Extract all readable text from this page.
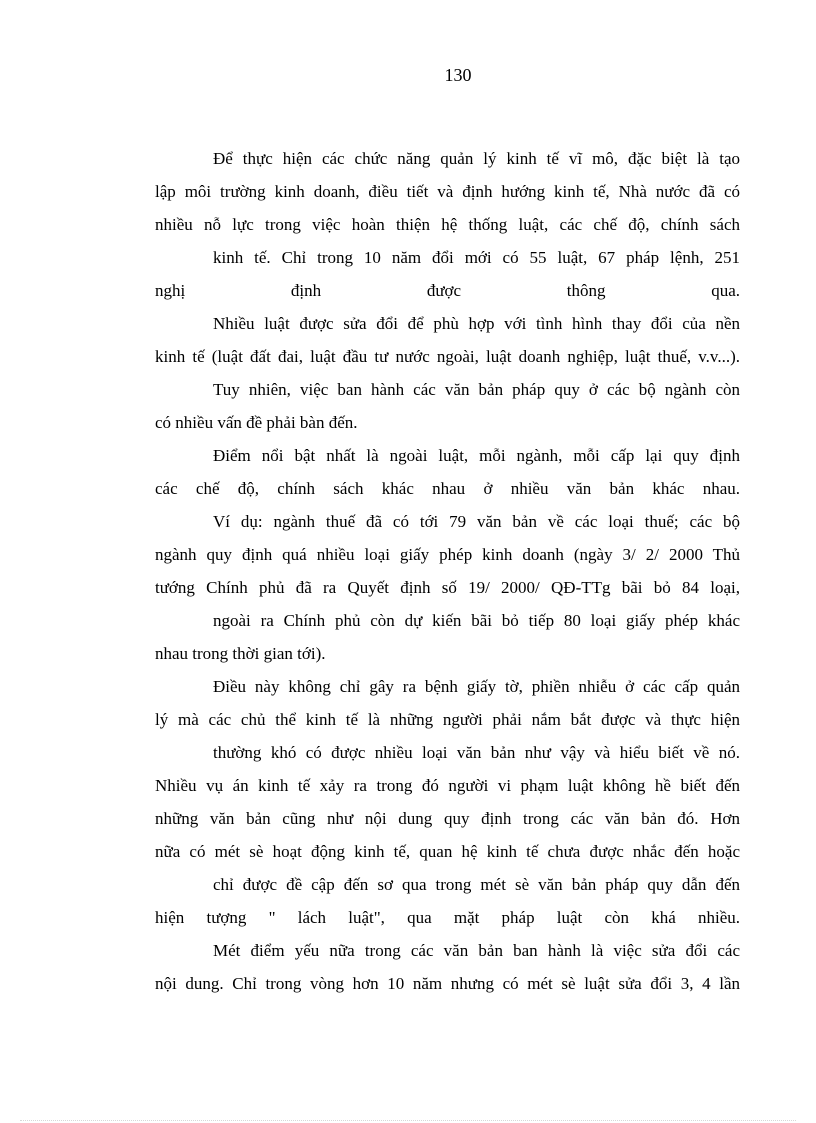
130
Để thực hiện các chức năng quản lý kinh tế vĩ mô, đặc biệt là tạo
lập môi trường kinh doanh, điều tiết và định hướng kinh tế, Nhà nước đã có
nhiều nỗ lực trong việc hoàn thiện hệ thống luật, các chế độ, chính sách
kinh tế. Chỉ trong 10 năm đổi mới có 55 luật, 67 pháp lệnh, 251
nghị định được thông qua.
Nhiều luật được sửa đổi để phù hợp với tình hình thay đổi của nền
kinh tế (luật đất đai, luật đầu tư nước ngoài, luật doanh nghiệp, luật thuế, v.v...).
Tuy nhiên, việc ban hành các văn bản pháp quy ở các bộ ngành còn
có nhiều vấn đề phải bàn đến.
Điểm nổi bật nhất là ngoài luật, mỗi ngành, mỗi cấp lại quy định
các chế độ, chính sách khác nhau ở nhiều văn bản khác nhau.
Ví dụ: ngành thuế đã có tới 79 văn bản về các loại thuế; các bộ
ngành quy định quá nhiều loại giấy phép kinh doanh (ngày 3/ 2/ 2000 Thủ
tướng Chính phủ đã ra Quyết định số 19/ 2000/ QĐ-TTg bãi bỏ 84 loại,
ngoài ra Chính phủ còn dự kiến bãi bỏ tiếp 80 loại giấy phép khác
nhau trong thời gian tới).
Điều này không chỉ gây ra bệnh giấy tờ, phiền nhiễu ở các cấp quản
lý mà các chủ thể kinh tế là những người phải nắm bắt được và thực hiện
thường khó có được nhiều loại văn bản như vậy và hiểu biết về nó.
Nhiều vụ án kinh tế xảy ra trong đó người vi phạm luật không hề biết đến
những văn bản cũng như nội dung quy định trong các văn bản đó. Hơn
nữa có mét sè hoạt động kinh tế, quan hệ kinh tế chưa được nhắc đến hoặc
chỉ được đề cập đến sơ qua trong mét sè văn bản pháp quy dẫn đến
hiện tượng " lách luật", qua mặt pháp luật còn khá nhiều.
Mét điểm yếu nữa trong các văn bản ban hành là việc sửa đổi các
nội dung. Chỉ trong vòng hơn 10 năm nhưng có mét sè luật sửa đổi 3, 4 lần
